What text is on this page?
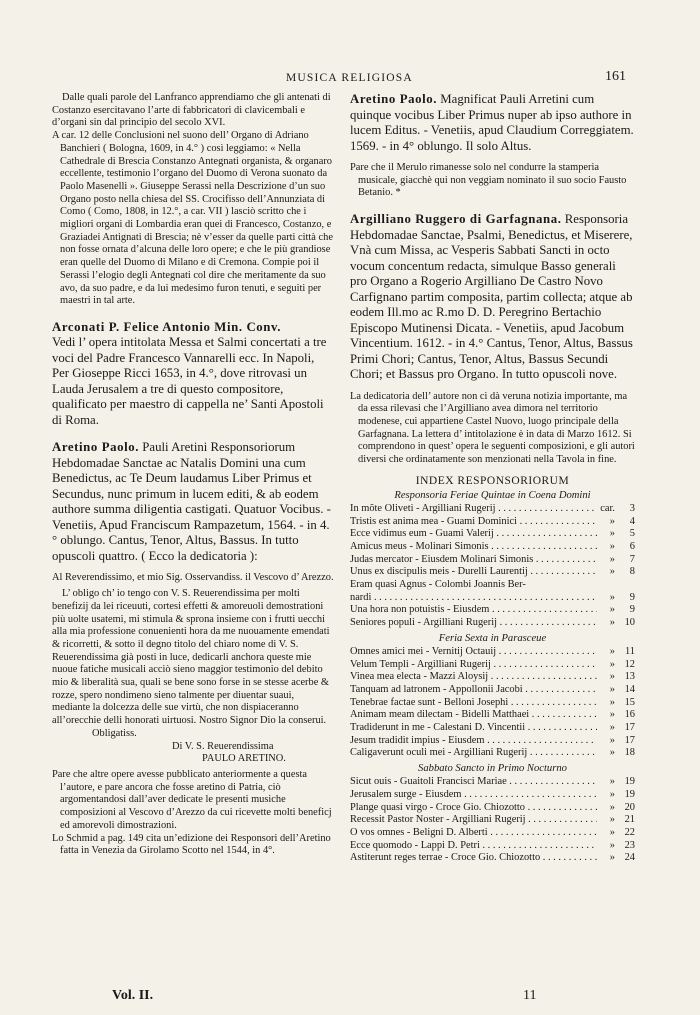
MUSICA RELIGIOSA	161

Dalle quali parole del Lanfranco apprendiamo che gli antenati di Costanzo esercitavano l’arte di fabbricatori di clavicembali e d’organi sin dal principio del secolo XVI.

A car. 12 delle Conclusioni nel suono dell’ Organo di Adriano Banchieri ( Bologna, 1609, in 4.° ) così leggiamo: « Nella Cathedrale di Brescia Constanzo Antegnati organista, & organaro eccellente, testimonio l’organo del Duomo di Verona suonato da Paolo Masenelli ». Giuseppe Serassi nella Descrizione d’un suo Organo posto nella chiesa del SS. Crocifisso dell’Annunziata di Como ( Como, 1808, in 12.°, a car. VII ) lasciò scritto che i migliori organi di Lombardia eran quei di Francesco, Costanzo, e Graziadei Antignati di Brescia; nè v’esser da quelle parti città che non fosse ornata d’alcuna delle loro opere; e che le più grandiose eran quelle del Duomo di Milano e di Cremona. Compie poi il Serassi l’elogio degli Antegnati col dire che meritamente da suo avo, da suo padre, e da lui medesimo furon tenuti, e seguiti per maestri in tal arte.

Arconati P. Felice Antonio Min. Conv.

Vedi l’ opera intitolata Messa et Salmi concertati a tre voci del Padre Francesco Vannarelli ecc. In Napoli, Per Gioseppe Ricci 1653, in 4.°, dove ritrovasi un Lauda Jerusalem a tre di questo compositore, qualificato per maestro di cappella ne’ Santi Apostoli di Roma.

Aretino Paolo. Pauli Aretini Responsoriorum Hebdomadae Sanctae ac Natalis Domini una cum Benedictus, ac Te Deum laudamus Liber Primus et Secundus, nunc primum in lucem editi, & ab eodem authore summa diligentia castigati. Quatuor Vocibus. - Venetiis, Apud Franciscum Rampazetum, 1564. - in 4.° oblungo. Cantus, Tenor, Altus, Bassus. In tutto opuscoli quattro. ( Ecco la dedicatoria ):

Al Reverendissimo, et mio Sig. Osservandiss. il Vescovo d’ Arezzo.

L’ obligo ch’ io tengo con V. S. Reuerendissima per molti benefizij da lei riceuuti, cortesi effetti & amoreuoli demostrationi più uolte usatemi, mi stimula & sprona insieme con i frutti uecchi alla mia professione conuenienti hora da me nuouamente emendati & ricorretti, & sotto il degno titolo del chiaro nome di V. S. Reuerendissima già posti in luce, dedicarli anchora queste mie nuoue fatiche musicali acciò sieno maggior testimonio del debito mio & liberalità sua, quali se bene sono forse in se stesse acerbe & rozze, spero nondimeno sieno talmente per diuentar suaui, mediante la dolcezza delle sue virtù, che non dispiaceranno all’orecchie delli honorati uirtuosi. Nostro Signor Dio la conserui.

Obligatiss.

Di V. S. Reuerendissima

PAULO ARETINO.

Pare che altre opere avesse pubblicato anteriormente a questa l’autore, e pare ancora che fosse aretino di Patria, ciò argomentandosi dall’aver dedicate le presenti musiche composizioni al Vescovo d’Arezzo da cui ricevette molti beneficj ed amorevoli dimostrazioni.

Lo Schmid a pag. 149 cita un’edizione dei Responsori dell’Aretino fatta in Venezia da Girolamo Scotto nel 1544, in 4°.

Aretino Paolo. Magnificat Pauli Arretini cum quinque vocibus Liber Primus nuper ab ipso authore in lucem Editus. - Venetiis, apud Claudium Correggiatem. 1569. - in 4° oblungo. Il solo Altus.

Pare che il Merulo rimanesse solo nel condurre la stamperia musicale, giacchè qui non veggiam nominato il suo socio Fausto Betanio. *

Argilliano Ruggero di Garfagnana. Responsoria Hebdomadae Sanctae, Psalmi, Benedictus, et Miserere, Vnà cum Missa, ac Vesperis Sabbati Sancti in octo vocum concentum redacta, simulque Basso generali pro Organo a Rogerio Argilliano De Castro Novo Carfignano partim composita, partim collecta; atque ab eodem Ill.mo ac R.mo D. D. Peregrino Bertachio Episcopo Mutinensi Dicata. - Venetiis, apud Jacobum Vincentium. 1612. - in 4.° Cantus, Tenor, Altus, Bassus Primi Chori; Cantus, Tenor, Altus, Bassus Secundi Chori; et Bassus pro Organo. In tutto opuscoli nove.

La dedicatoria dell’ autore non ci dà veruna notizia importante, ma da essa rilevasi che l’Argilliano avea dimora nel territorio modenese, cui appartiene Castel Nuovo, luogo principale della Garfagnana. La lettera d’ intitolazione è in data di Marzo 1612. Si comprendono in quest’ opera le seguenti composizioni, e gli autori diversi che ordinatamente son menzionati nella Tavola in fine.

INDEX RESPONSORIORUM
Responsoria Feriae Quintae in Coena Domini
In mõte Oliveti - Argilliani Rugerij . . .	car.	3
Tristis est anima mea - Guami Dominici . . .	»	4
Ecce vidimus eum - Guami Valerij . . .	»	5
Amicus meus - Molinari Simonis . . .	»	6
Judas mercator - Eiusdem Molinari Simonis . . .	»	7
Unus ex discipulis meis - Durelli Laurentij . . .	»	8
Eram quasi Agnus - Colombi Joannis Ber-
nardi . . .	»	9
Una hora non potuistis - Eiusdem . . .	»	9
Seniores populi - Argilliani Rugerij . . .	» 10
Feria Sexta in Parasceue
Omnes amici mei - Vernitij Octauij . . .	» 11
Velum Templi - Argilliani Rugerij . . .	» 12
Vinea mea electa - Mazzi Aloysij . . .	» 13
Tanquam ad latronem - Appollonii Jacobi . . .	» 14
Tenebrae factae sunt - Belloni Josephi . . .	» 15
Animam meam dilectam - Bidelli Matthaei . . .	» 16
Tradiderunt in me - Calestani D. Vincentii . . .	» 17
Jesum tradidit impius - Eiusdem . . .	» 17
Caligaverunt oculi mei - Argilliani Rugerij . . .	» 18
Sabbato Sancto in Primo Nocturno
Sicut ouis - Guaitoli Francisci Mariae . . .	» 19
Jerusalem surge - Eiusdem . . .	» 19
Plange quasi virgo - Croce Gio. Chiozotto . . .	» 20
Recessit Pastor Noster - Argilliani Rugerij . . .	» 21
O vos omnes - Beligni D. Alberti . . .	» 22
Ecce quomodo - Lappi D. Petri . . .	» 23
Astiterunt reges terrae - Croce Gio. Chiozotto . . .	» 24
Vol. II.	11
